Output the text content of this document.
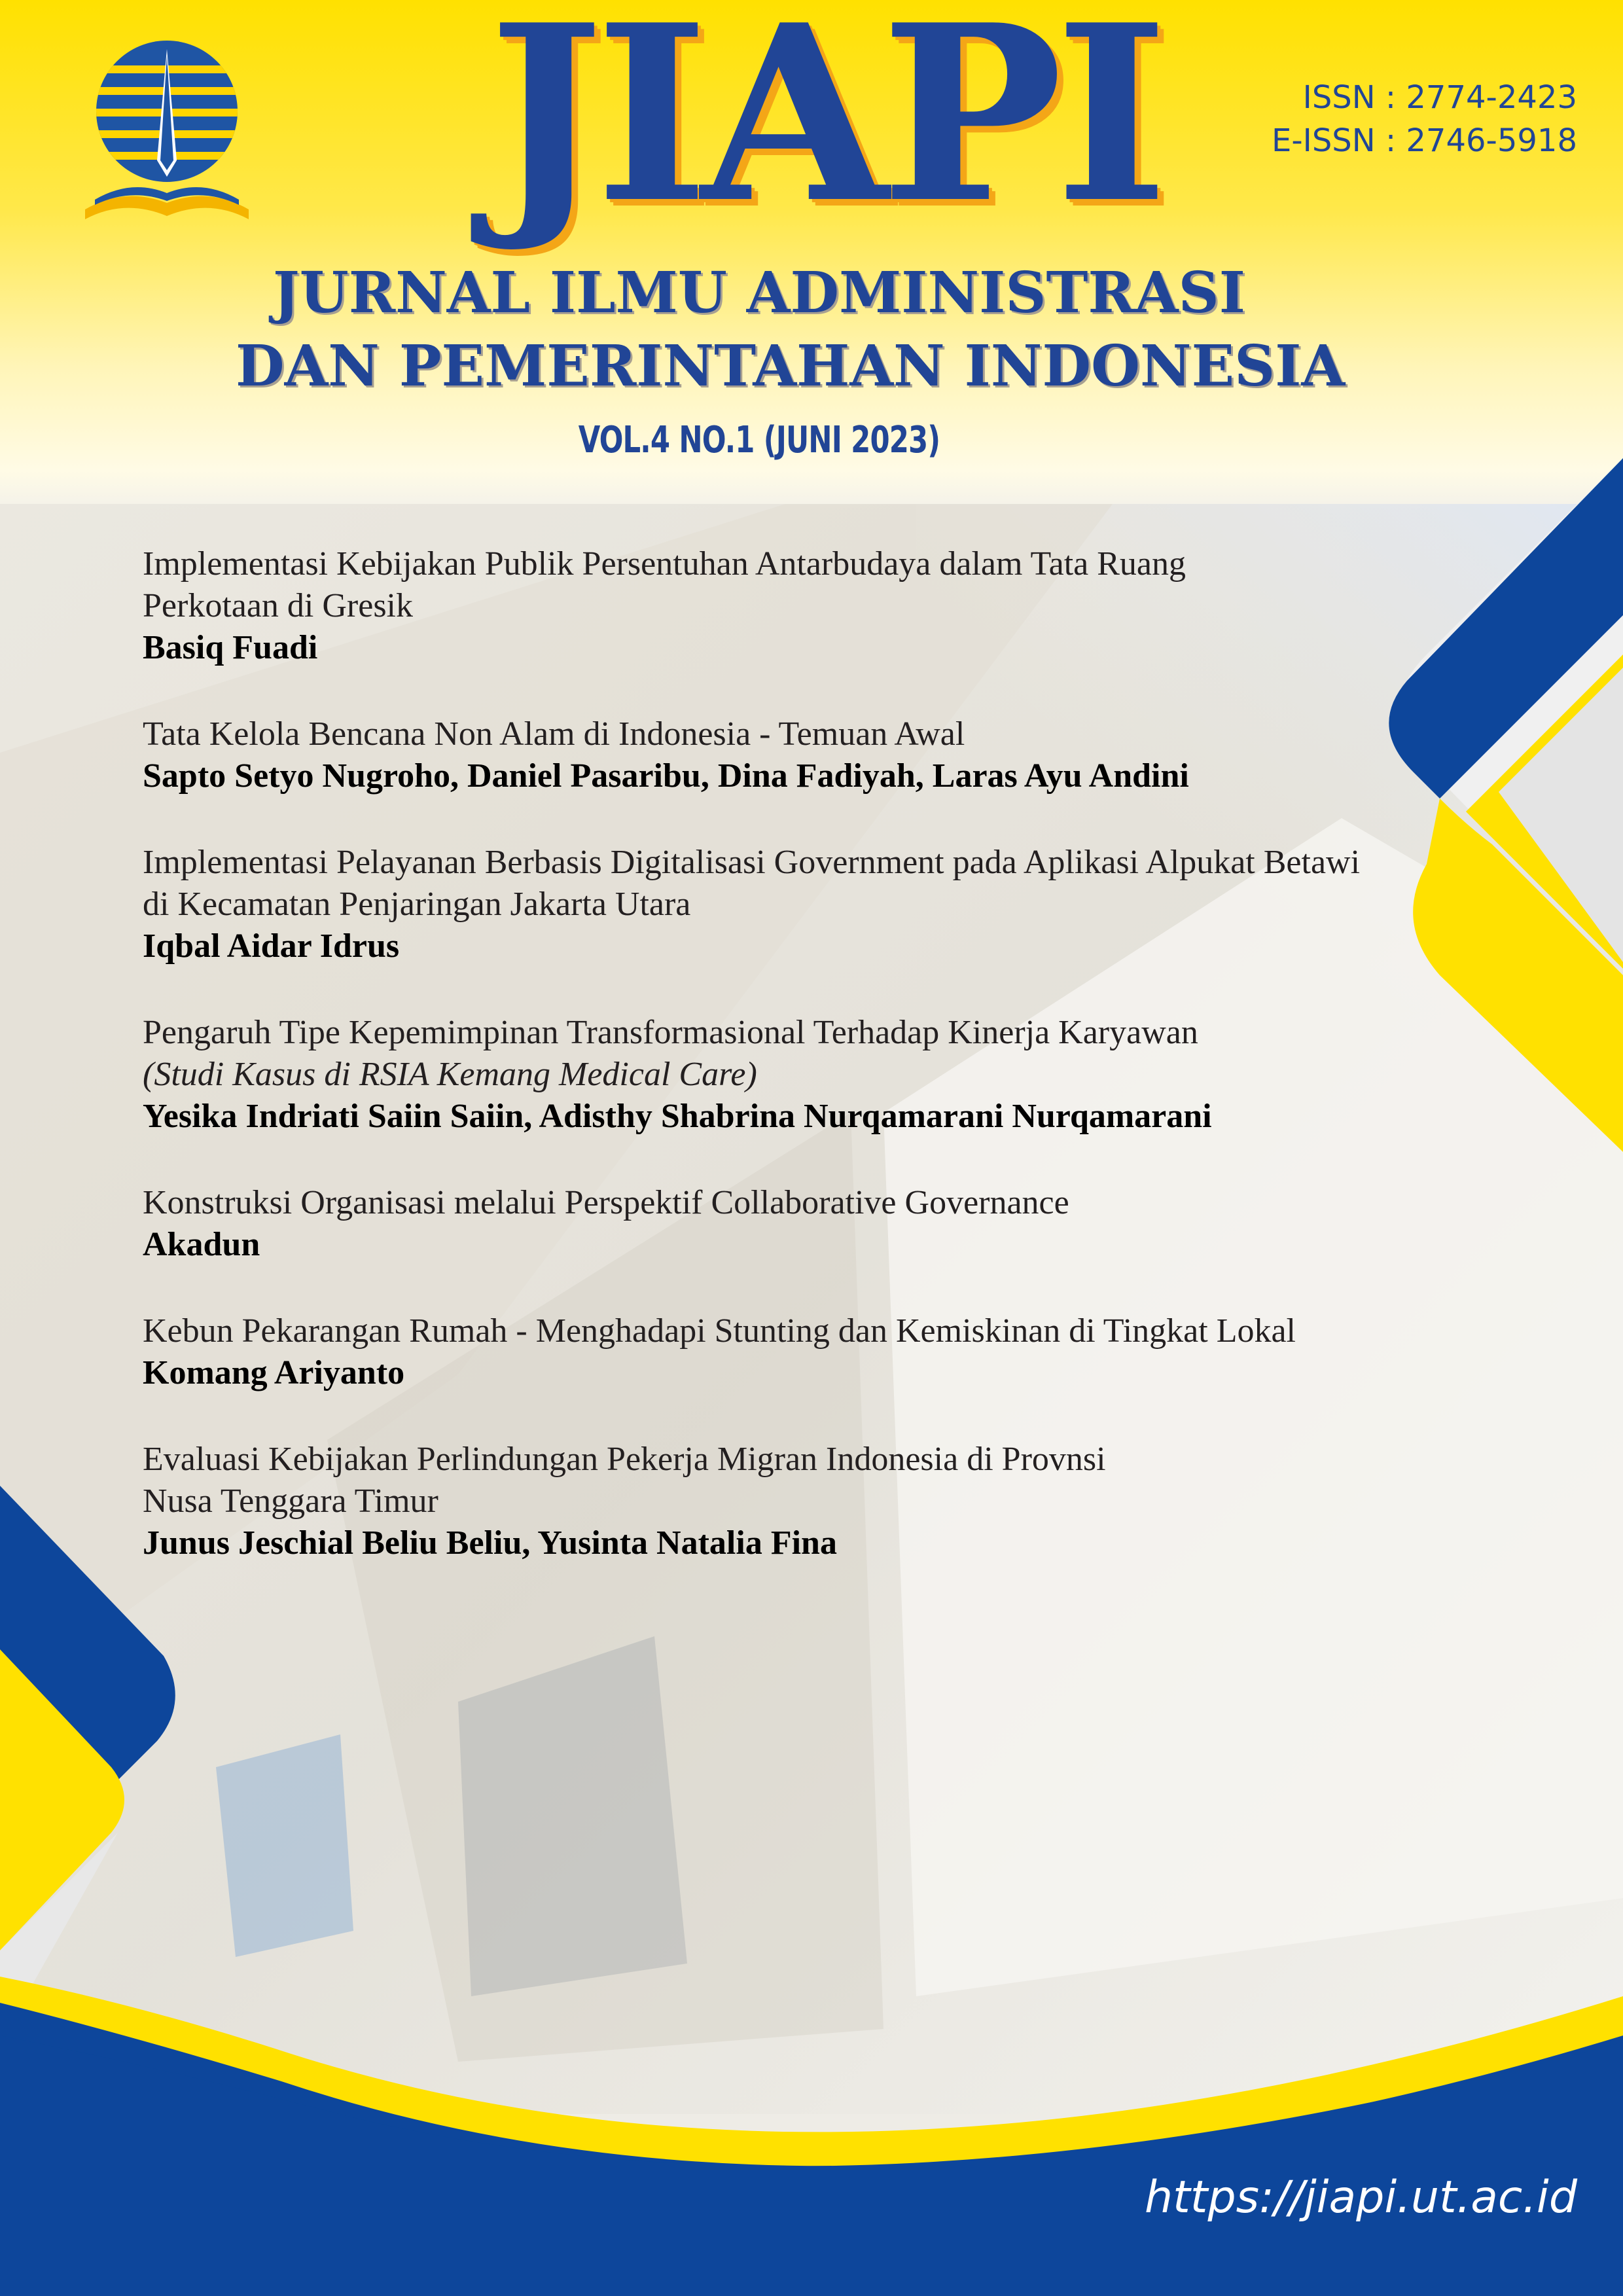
JIAPI	ISSN : 2774-2423
E-ISSN : 2746-5918
JURNAL ILMU ADMINISTRASI
DAN PEMERINTAHAN INDONESIA
VOL.4 NO.1 (JUNI 2023)
Implementasi Kebijakan Publik Persentuhan Antarbudaya dalam Tata Ruang
Perkotaan di Gresik
Basiq Fuadi
Tata Kelola Bencana Non Alam di Indonesia - Temuan Awal
Sapto Setyo Nugroho, Daniel Pasaribu, Dina Fadiyah, Laras Ayu Andini
Implementasi Pelayanan Berbasis Digitalisasi Government pada Aplikasi Alpukat Betawi
di Kecamatan Penjaringan Jakarta Utara
Iqbal Aidar Idrus
Pengaruh Tipe Kepemimpinan Transformasional Terhadap Kinerja Karyawan
(Studi Kasus di RSIA Kemang Medical Care)
Yesika Indriati Saiin Saiin, Adisthy Shabrina Nurqamarani Nurqamarani
Konstruksi Organisasi melalui Perspektif Collaborative Governance
Akadun
Kebun Pekarangan Rumah - Menghadapi Stunting dan Kemiskinan di Tingkat Lokal
Komang Ariyanto
Evaluasi Kebijakan Perlindungan Pekerja Migran Indonesia di Provnsi
Nusa Tenggara Timur
Junus Jeschial Beliu Beliu, Yusinta Natalia Fina
https://jiapi.ut.ac.id
